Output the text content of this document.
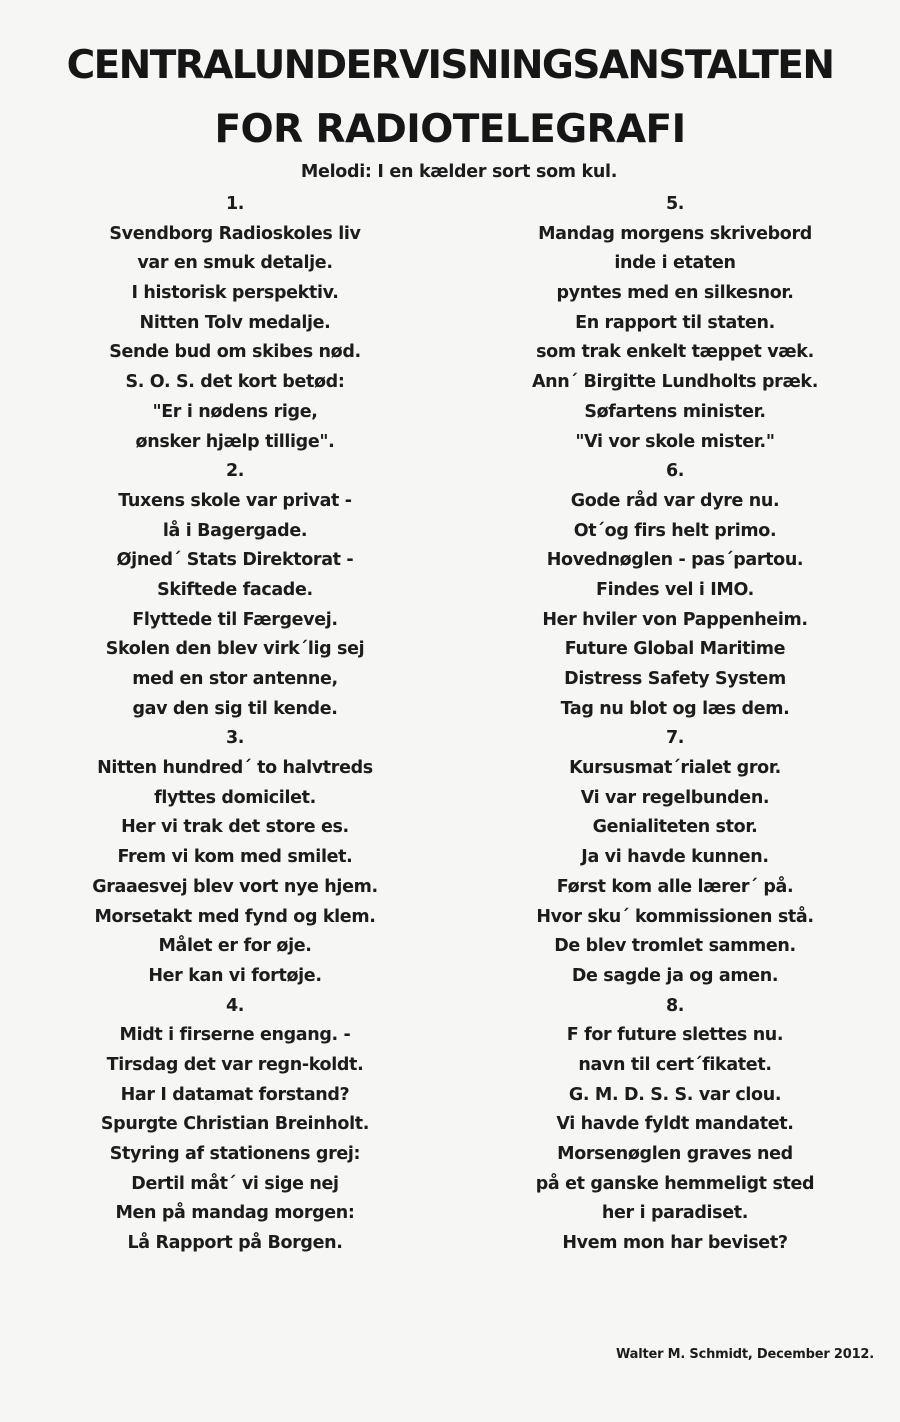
CENTRALUNDERVISNINGSANSTALTEN
FOR RADIOTELEGRAFI
Melodi: I en kælder sort som kul.
1.
Svendborg Radioskoles liv
var en smuk detalje.
I historisk perspektiv.
Nitten Tolv medalje.
Sende bud om skibes nød.
S. O. S. det kort betød:
"Er i nødens rige,
ønsker hjælp tillige".
2.
Tuxens skole var privat -
lå i Bagergade.
Øjned´ Stats Direktorat -
Skiftede facade.
Flyttede til Færgevej.
Skolen den blev virk´lig sej
med en stor antenne,
gav den sig til kende.
3.
Nitten hundred´ to halvtreds
flyttes domicilet.
Her vi trak det store es.
Frem vi kom med smilet.
Graaesvej blev vort nye hjem.
Morsetakt med fynd og klem.
Målet er for øje.
Her kan vi fortøje.
4.
Midt i firserne engang. -
Tirsdag det var regn-koldt.
Har I datamat forstand?
Spurgte Christian Breinholt.
Styring af stationens grej:
Dertil måt´ vi sige nej
Men på mandag morgen:
Lå Rapport på Borgen.
5.
Mandag morgens skrivebord
inde i etaten
pyntes med en silkesnor.
En rapport til staten.
som trak enkelt tæppet væk.
Ann´ Birgitte Lundholts præk.
Søfartens minister.
"Vi vor skole mister."
6.
Gode råd var dyre nu.
Ot´og firs helt primo.
Hovednøglen - pas´partou.
Findes vel i IMO.
Her hviler von Pappenheim.
Future Global Maritime
Distress Safety System
Tag nu blot og læs dem.
7.
Kursusmat´rialet gror.
Vi var regelbunden.
Genialiteten stor.
Ja vi havde kunnen.
Først kom alle lærer´ på.
Hvor sku´ kommissionen stå.
De blev tromlet sammen.
De sagde ja og amen.
8.
F for future slettes nu.
navn til cert´fikatet.
G. M. D. S. S. var clou.
Vi havde fyldt mandatet.
Morsenøglen graves ned
på et ganske hemmeligt sted
her i paradiset.
Hvem mon har beviset?
Walter M. Schmidt, December 2012.
